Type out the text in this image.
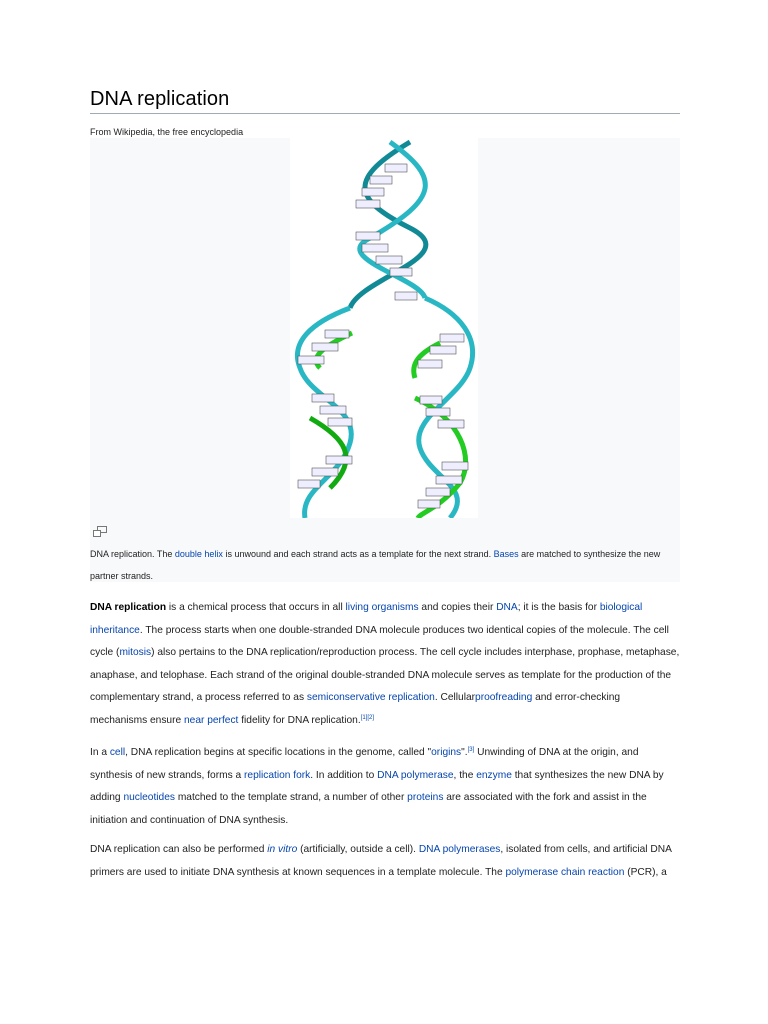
DNA replication
From Wikipedia, the free encyclopedia
DNA replication. The double helix is unwound and each strand acts as a template for the next strand. Bases are matched to synthesize the new partner strands.

DNA replication is a chemical process that occurs in all living organisms and copies their DNA; it is the basis for biological inheritance. The process starts when one double-stranded DNA molecule produces two identical copies of the molecule. The cell cycle (mitosis) also pertains to the DNA replication/reproduction process. The cell cycle includes interphase, prophase, metaphase, anaphase, and telophase. Each strand of the original double-stranded DNA molecule serves as template for the production of the complementary strand, a process referred to as semiconservative replication. Cellularproofreading and error-checking mechanisms ensure near perfect fidelity for DNA replication.[1][2]

In a cell, DNA replication begins at specific locations in the genome, called "origins".[3] Unwinding of DNA at the origin, and synthesis of new strands, forms a replication fork. In addition to DNA polymerase, the enzyme that synthesizes the new DNA by adding nucleotides matched to the template strand, a number of other proteins are associated with the fork and assist in the initiation and continuation of DNA synthesis.

DNA replication can also be performed in vitro (artificially, outside a cell). DNA polymerases, isolated from cells, and artificial DNA primers are used to initiate DNA synthesis at known sequences in a template molecule. The polymerase chain reaction (PCR), a
